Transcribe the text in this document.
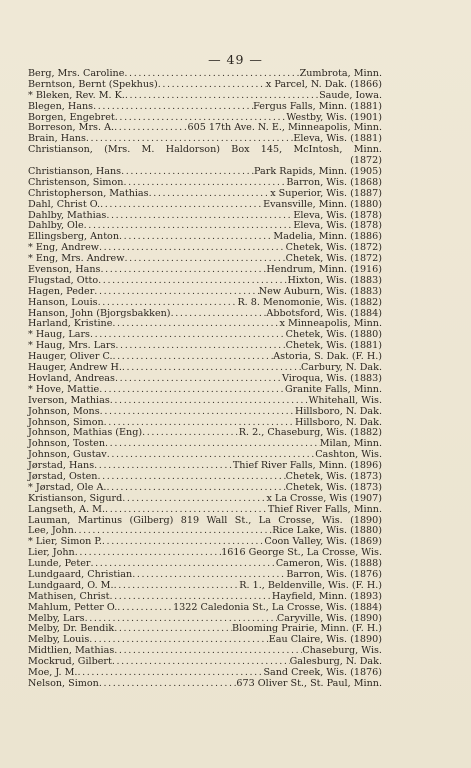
— 49 —
Berg, Mrs. Caroline .....	Zumbrota, Minn.
Berntson, Bernt (Spekhus) .....	x Parcel, N. Dak. (1866)
* Bleken, Rev. M. K. .....	Saude, Iowa.
Blegen, Hans .....	Fergus Falls, Minn. (1881)
Borgen, Engebret .....	Westby, Wis. (1901)
Borreson, Mrs. A. .....	605 17th Ave. N. E., Minneapolis, Minn.
Brain, Hans .....	Eleva, Wis. (1881)
Christianson, (Mrs. M. Haldorson) Box 145, McIntosh, Minn.
(1872)
Christianson, Hans .....	Park Rapids, Minn. (1905)
Christenson, Simon .....	Barron, Wis. (1868)
Christopherson, Mathias .....	x Superior, Wis. (1887)
Dahl, Christ O. .....	Evansville, Minn. (1880)
Dahlby, Mathias .....	Eleva, Wis. (1878)
Dahlby, Ole .....	Eleva, Wis. (1878)
Ellingsberg, Anton .....	Madelia, Minn. (1886)
* Eng, Andrew .....	Chetek, Wis. (1872)
* Eng, Mrs. Andrew .....	Chetek, Wis. (1872)
Evenson, Hans .....	Hendrum, Minn. (1916)
Flugstad, Otto .....	Hixton, Wis. (1883)
Hagen, Peder .....	New Auburn, Wis. (1883)
Hanson, Louis .....	R. 8. Menomonie, Wis. (1882)
Hanson, John (Bjorgsbakken) .....	Abbotsford, Wis. (1884)
Harland, Kristine .....	x Minneapolis, Minn.
* Haug, Lars .....	Chetek, Wis. (1880)
* Haug, Mrs. Lars .....	Chetek, Wis. (1881)
Hauger, Oliver C. .....	Astoria, S. Dak. (F. H.)
Hauger, Andrew H. .....	Carbury, N. Dak.
Hovland, Andreas .....	Viroqua, Wis. (1883)
* Hove, Mattie .....	Granite Falls, Minn.
Iverson, Mathias .....	Whitehall, Wis.
Johnson, Mons .....	Hillsboro, N. Dak.
Johnson, Simon .....	Hillsboro, N. Dak.
Johnson, Mathias (Eng) .....	R. 2., Chaseburg, Wis. (1882)
Johnson, Tosten .....	Milan, Minn.
Johnson, Gustav .....	Cashton, Wis.
Jørstad, Hans .....	Thief River Falls, Minn. (1896)
Jørstad, Osten .....	Chetek, Wis. (1873)
* Jørstad, Ole A. .....	Chetek, Wis. (1873)
Kristianson, Sigurd .....	x La Crosse, Wis (1907)
Langseth, A. M. .....	Thief River Falls, Minn.
Lauman, Martinus (Gilberg) 819 Wall St., La Crosse, Wis. (1890)
Lee, John .....	Rice Lake, Wis. (1880)
* Lier, Simon P. .....	Coon Valley, Wis. (1869)
Lier, John .....	1616 George St., La Crosse, Wis.
Lunde, Peter .....	Cameron, Wis. (1888)
Lundgaard, Christian .....	Barron, Wis. (1876)
Lundgaard, O. M. .....	R. 1., Beldenville, Wis. (F. H.)
Mathisen, Christ .....	Hayfield, Minn. (1893)
Mahlum, Petter O. .....	1322 Caledonia St., La Crosse, Wis. (1884)
Melby, Lars .....	Caryville, Wis. (1890)
Melby, Dr. Bendik .....	Blooming Prairie, Minn. (F. H.)
Melby, Louis .....	Eau Claire, Wis. (1890)
Midtlien, Mathias .....	Chaseburg, Wis.
Mockrud, Gilbert .....	Galesburg, N. Dak.
Moe, J. M. .....	Sand Creek, Wis. (1876)
Nelson, Simon .....	673 Oliver St., St. Paul, Minn.
